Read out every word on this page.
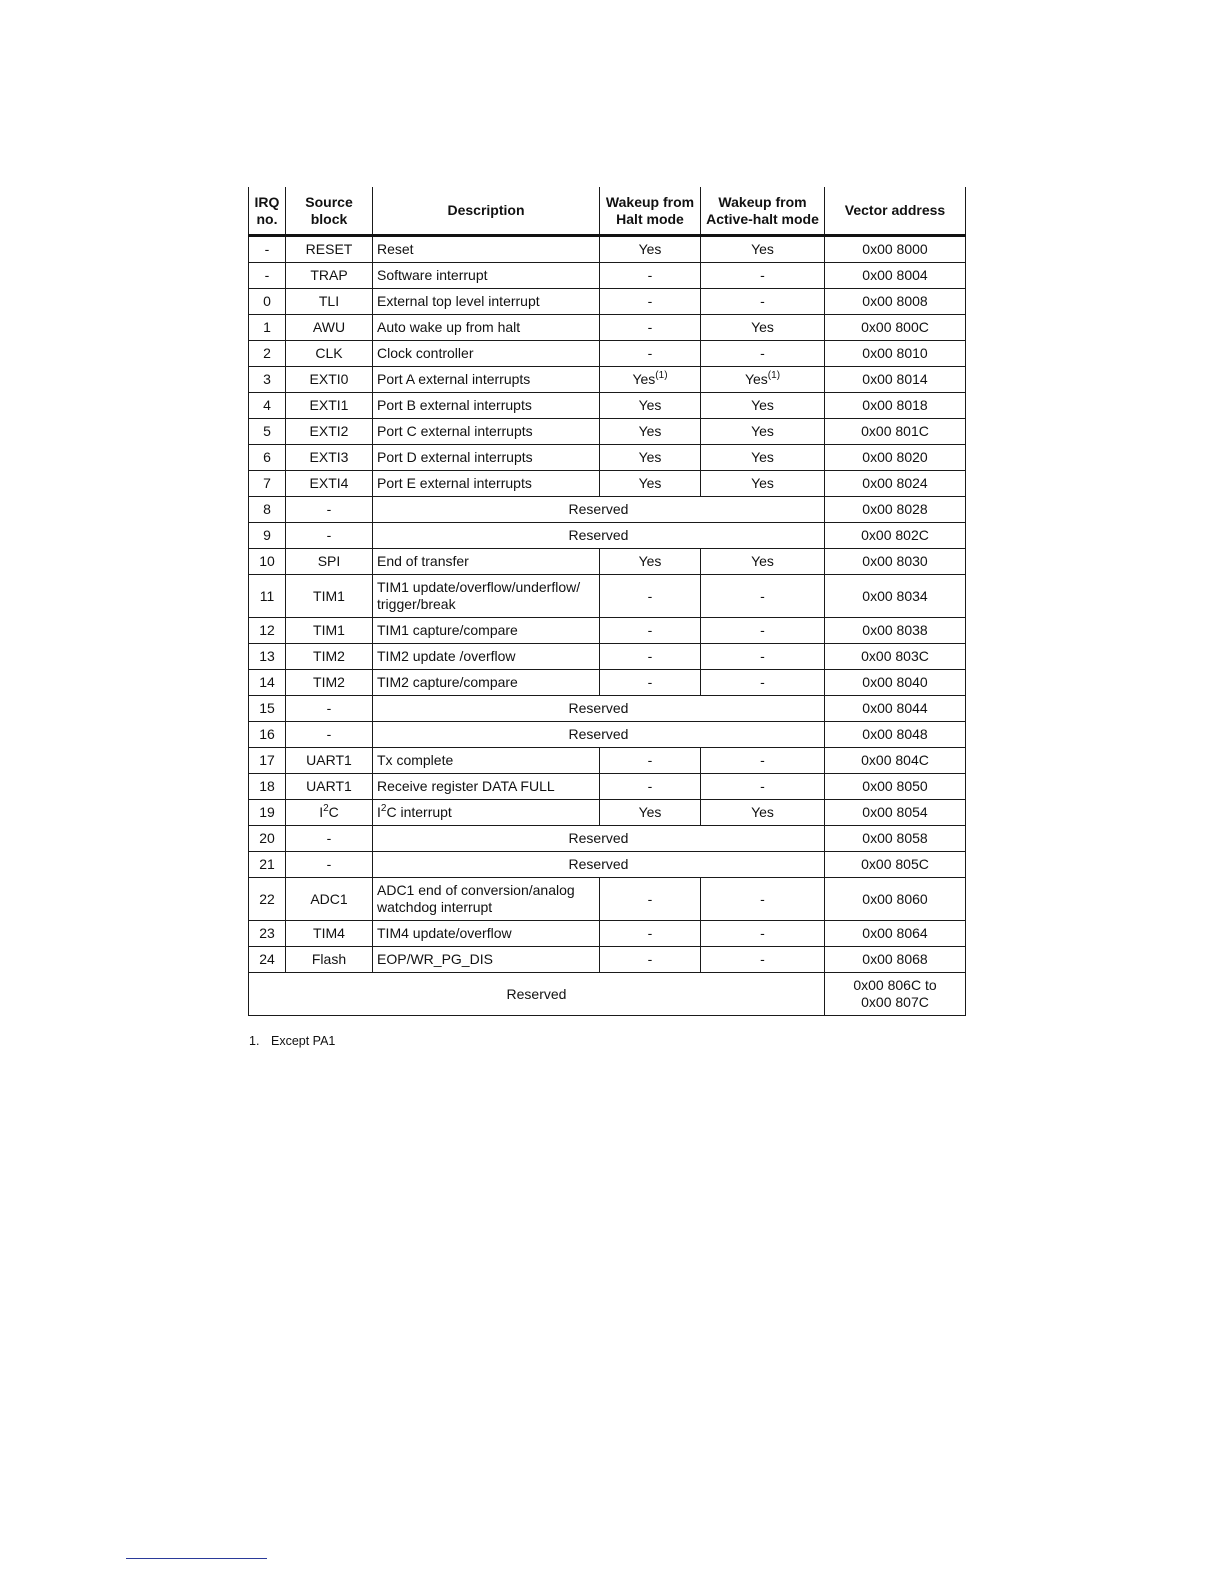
IRQ no.	Source block	Description	Wakeup from Halt mode	Wakeup from Active-halt mode	Vector address
-	RESET	Reset	Yes	Yes	0x00 8000
-	TRAP	Software interrupt	-	-	0x00 8004
0	TLI	External top level interrupt	-	-	0x00 8008
1	AWU	Auto wake up from halt	-	Yes	0x00 800C
2	CLK	Clock controller	-	-	0x00 8010
3	EXTI0	Port A external interrupts	Yes$^{(1)}$	Yes$^{(1)}$	0x00 8014
4	EXTI1	Port B external interrupts	Yes	Yes	0x00 8018
5	EXTI2	Port C external interrupts	Yes	Yes	0x00 801C
6	EXTI3	Port D external interrupts	Yes	Yes	0x00 8020
7	EXTI4	Port E external interrupts	Yes	Yes	0x00 8024
8	-	Reserved			0x00 8028
9	-	Reserved			0x00 802C
10	SPI	End of transfer	Yes	Yes	0x00 8030
11	TIM1	TIM1 update/overflow/underflow/ trigger/break	-	-	0x00 8034
12	TIM1	TIM1 capture/compare	-	-	0x00 8038
13	TIM2	TIM2 update /overflow	-	-	0x00 803C
14	TIM2	TIM2 capture/compare	-	-	0x00 8040
15	-	Reserved			0x00 8044
16	-	Reserved			0x00 8048
17	UART1	Tx complete	-	-	0x00 804C
18	UART1	Receive register DATA FULL	-	-	0x00 8050
19	$I^2C$	$I^2C$ interrupt	Yes	Yes	0x00 8054
20	-	Reserved			0x00 8058
21	-	Reserved			0x00 805C
22	ADC1	ADC1 end of conversion/analog watchdog interrupt	-	-	0x00 8060
23	TIM4	TIM4 update/overflow	-	-	0x00 8064
24	Flash	EOP/WR_PG_DIS	-	-	0x00 8068
Reserved					0x00 806C to
0x00 807C
1. Except PA1
